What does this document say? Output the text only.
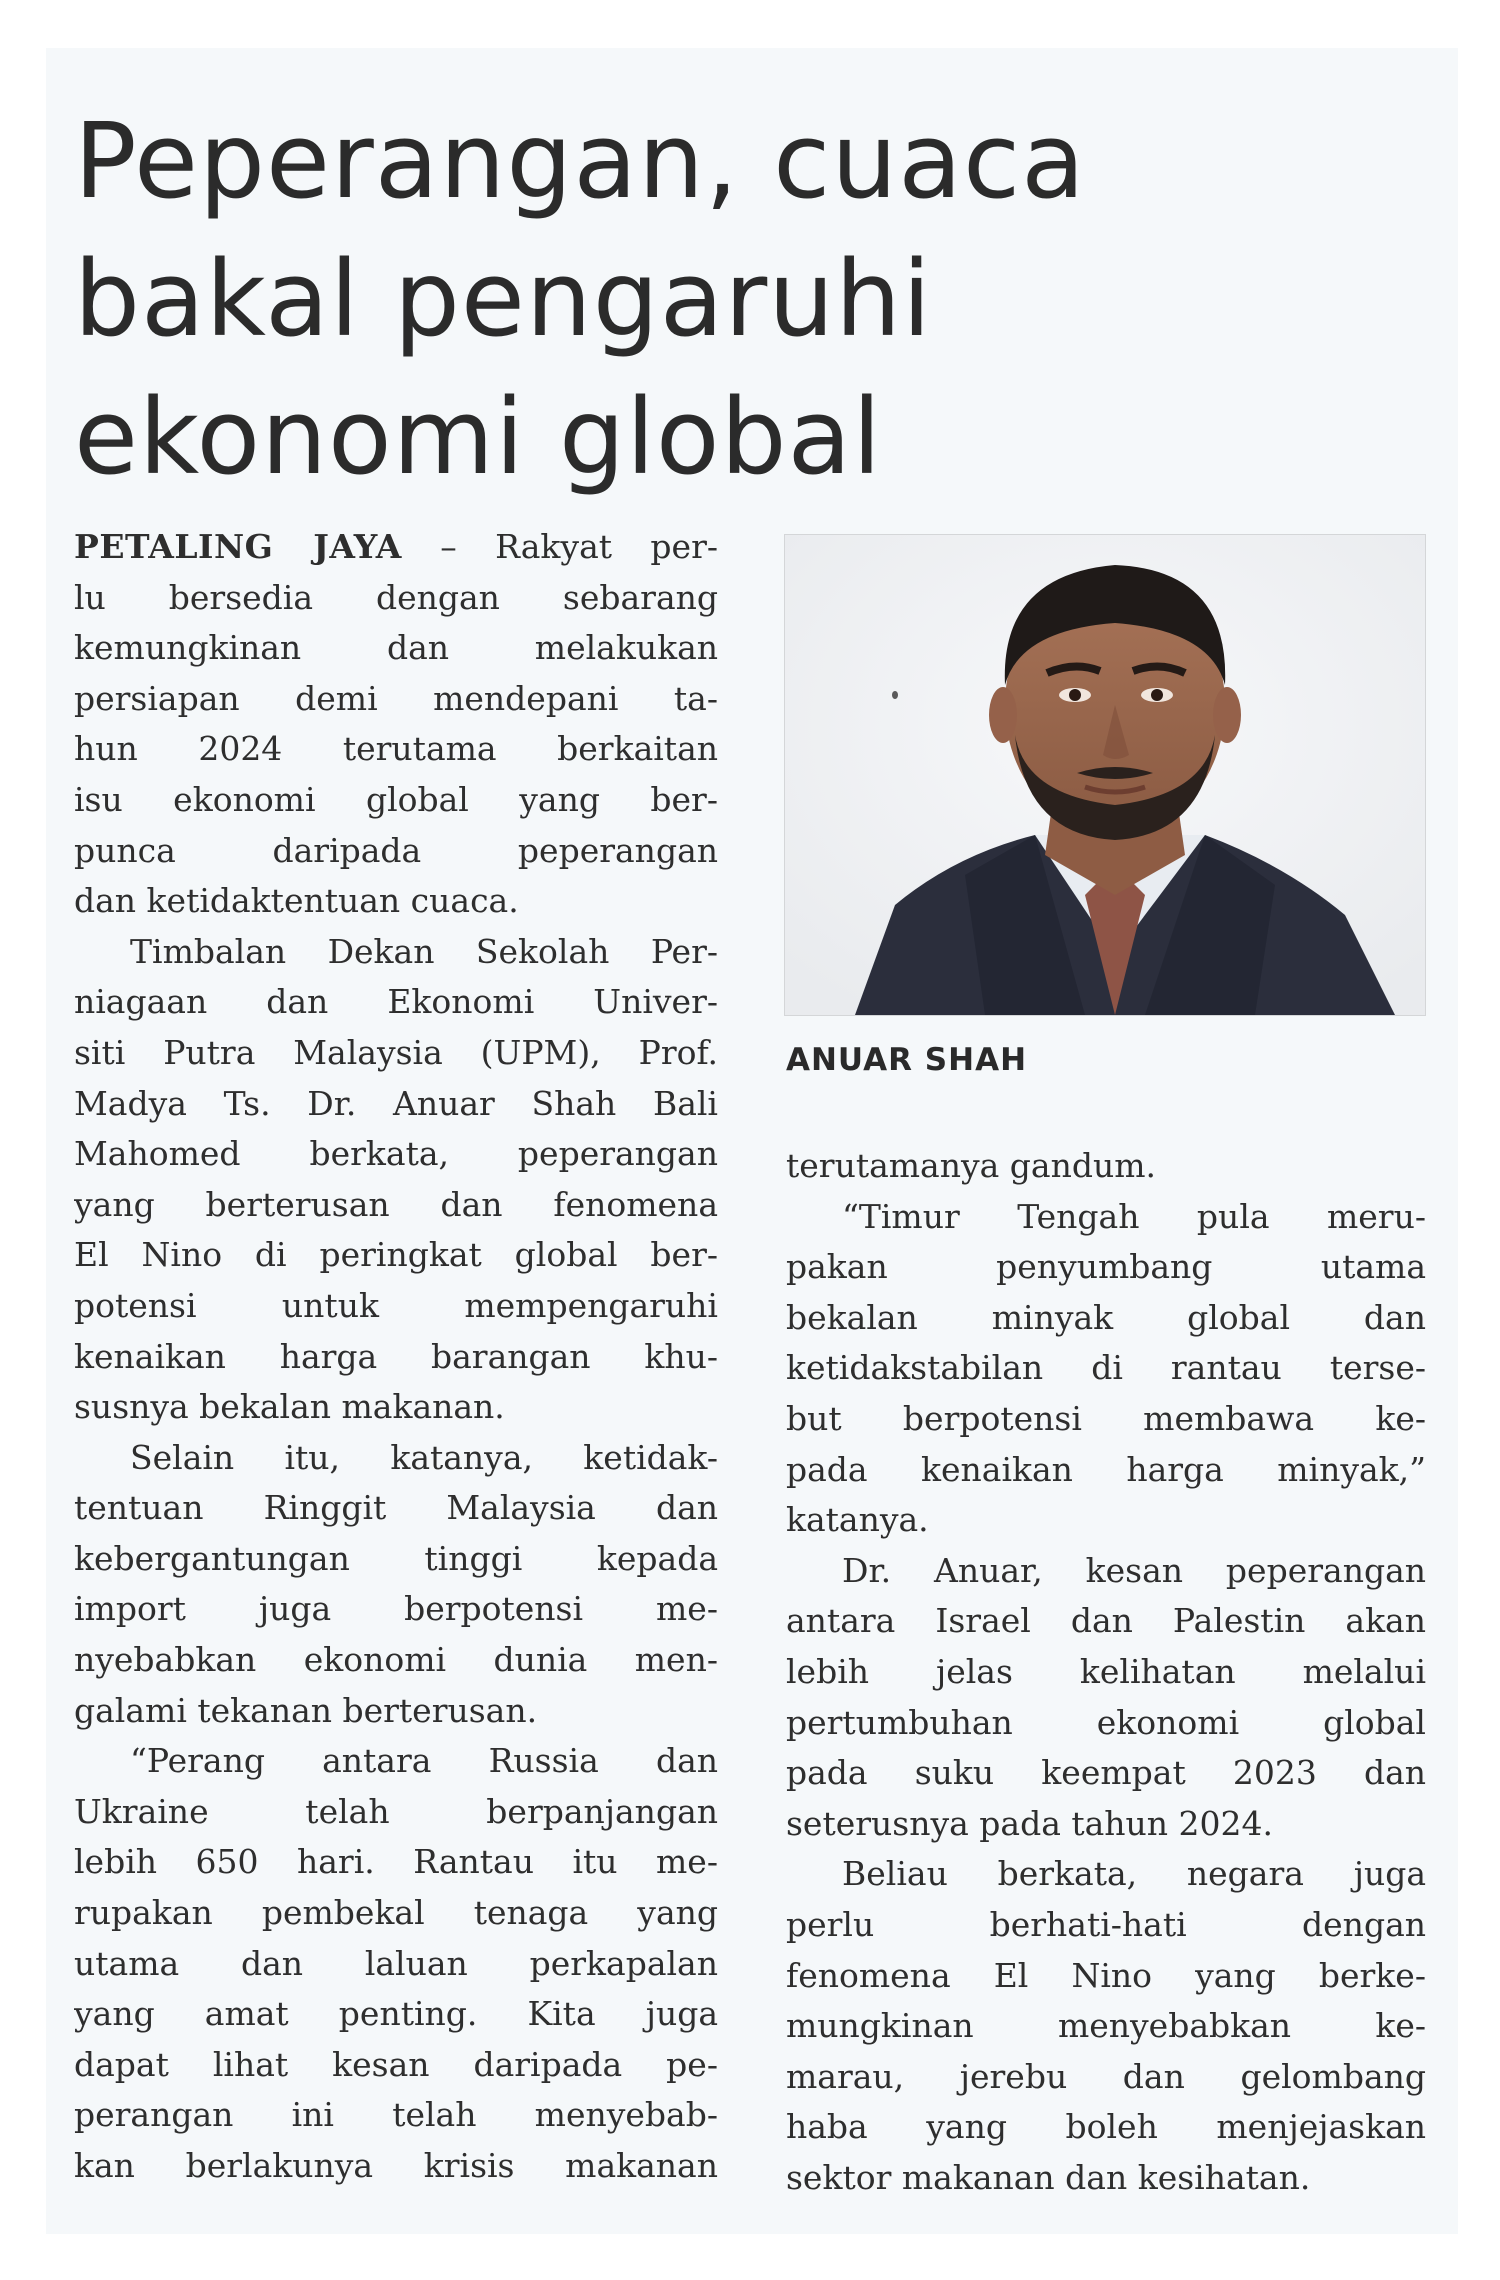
Peperangan, cuaca
bakal pengaruhi
ekonomi global
PETALING JAYA – Rakyat per-
lu bersedia dengan sebarang
kemungkinan dan melakukan
persiapan demi mendepani ta-
hun 2024 terutama berkaitan
isu ekonomi global yang ber-
punca daripada peperangan
dan ketidaktentuan cuaca.
Timbalan Dekan Sekolah Per-
niagaan dan Ekonomi Univer-
siti Putra Malaysia (UPM), Prof.
Madya Ts. Dr. Anuar Shah Bali
Mahomed berkata, peperangan
yang berterusan dan fenomena
El Nino di peringkat global ber-
potensi untuk mempengaruhi
kenaikan harga barangan khu-
susnya bekalan makanan.
Selain itu, katanya, ketidak-
tentuan Ringgit Malaysia dan
kebergantungan tinggi kepada
import juga berpotensi me-
nyebabkan ekonomi dunia men-
galami tekanan berterusan.
“Perang antara Russia dan
Ukraine telah berpanjangan
lebih 650 hari. Rantau itu me-
rupakan pembekal tenaga yang
utama dan laluan perkapalan
yang amat penting. Kita juga
dapat lihat kesan daripada pe-
perangan ini telah menyebab-
kan berlakunya krisis makanan
ANUAR SHAH
terutamanya gandum.
“Timur Tengah pula meru-
pakan penyumbang utama
bekalan minyak global dan
ketidakstabilan di rantau terse-
but berpotensi membawa ke-
pada kenaikan harga minyak,”
katanya.
Dr. Anuar, kesan peperangan
antara Israel dan Palestin akan
lebih jelas kelihatan melalui
pertumbuhan ekonomi global
pada suku keempat 2023 dan
seterusnya pada tahun 2024.
Beliau berkata, negara juga
perlu berhati-hati dengan
fenomena El Nino yang berke-
mungkinan menyebabkan ke-
marau, jerebu dan gelombang
haba yang boleh menjejaskan
sektor makanan dan kesihatan.
